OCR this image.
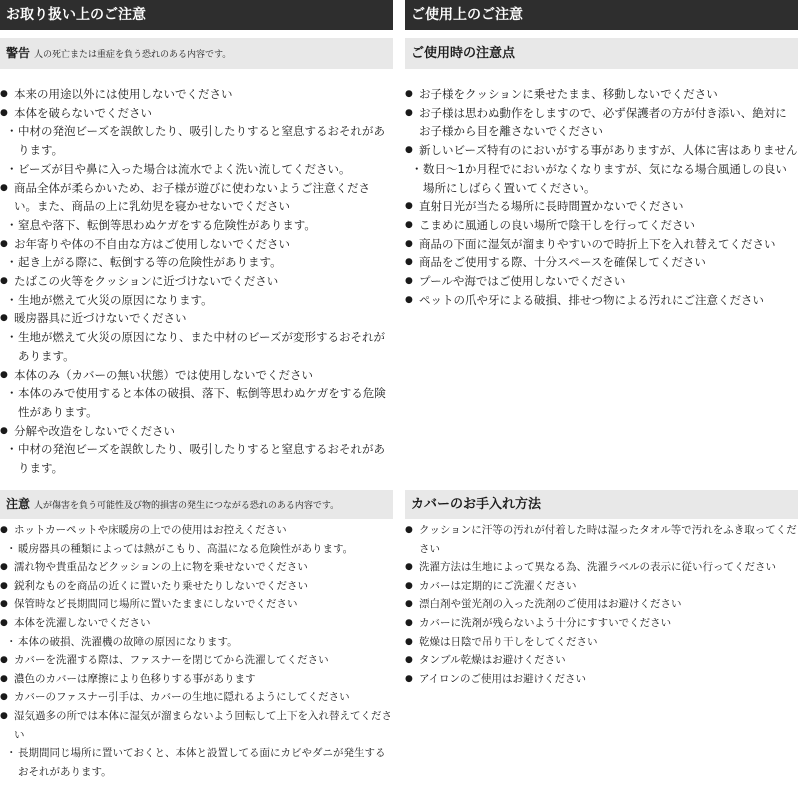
お取り扱い上のご注意
警告 人の死亡または重症を負う恐れのある内容です。
● 本来の用途以外には使用しないでください
● 本体を破らないでください
・ 中材の発泡ビーズを誤飲したり、吸引したりすると窒息するおそれがあります。
・ ビーズが目や鼻に入った場合は流水でよく洗い流してください。
● 商品全体が柔らかいため、お子様が遊びに使わないようご注意ください。また、商品の上に乳幼児を寝かせないでください
・ 窒息や落下、転倒等思わぬケガをする危険性があります。
● お年寄りや体の不自由な方はご使用しないでください
・ 起き上がる際に、転倒する等の危険性があります。
● たばこの火等をクッションに近づけないでください
・ 生地が燃えて火災の原因になります。
● 暖房器具に近づけないでください
・ 生地が燃えて火災の原因になり、また中材のビーズが変形するおそれがあります。
● 本体のみ（カバーの無い状態）では使用しないでください
・ 本体のみで使用すると本体の破損、落下、転倒等思わぬケガをする危険性があります。
● 分解や改造をしないでください
・ 中材の発泡ビーズを誤飲したり、吸引したりすると窒息するおそれがあります。
注意 人が傷害を負う可能性及び物的損害の発生につながる恐れのある内容です。
● ホットカーペットや床暖房の上での使用はお控えください
・ 暖房器具の種類によっては熱がこもり、高温になる危険性があります。
● 濡れ物や貴重品などクッションの上に物を乗せないでください
● 鋭利なものを商品の近くに置いたり乗せたりしないでください
● 保管時など長期間同じ場所に置いたままにしないでください
● 本体を洗濯しないでください
・ 本体の破損、洗濯機の故障の原因になります。
● カバーを洗濯する際は、ファスナーを閉じてから洗濯してください
● 濃色のカバーは摩擦により色移りする事があります
● カバーのファスナー引手は、カバーの生地に隠れるようにしてください
● 湿気過多の所では本体に湿気が溜まらないよう回転して上下を入れ替えてください
・ 長期間同じ場所に置いておくと、本体と設置してる面にカビやダニが発生するおそれがあります。
ご使用上のご注意
ご使用時の注意点
● お子様をクッションに乗せたまま、移動しないでください
● お子様は思わぬ動作をしますので、必ず保護者の方が付き添い、絶対にお子様から目を離さないでください
● 新しいビーズ特有のにおいがする事がありますが、人体に害はありません
・ 数日〜1か月程でにおいがなくなりますが、気になる場合風通しの良い場所にしばらく置いてください。
● 直射日光が当たる場所に長時間置かないでください
● こまめに風通しの良い場所で陰干しを行ってください
● 商品の下面に湿気が溜まりやすいので時折上下を入れ替えてください
● 商品をご使用する際、十分スペースを確保してください
● プールや海ではご使用しないでください
● ペットの爪や牙による破損、排せつ物による汚れにご注意ください
カバーのお手入れ方法
● クッションに汗等の汚れが付着した時は湿ったタオル等で汚れをふき取ってください
● 洗濯方法は生地によって異なる為、洗濯ラベルの表示に従い行ってください
● カバーは定期的にご洗濯ください
● 漂白剤や蛍光剤の入った洗剤のご使用はお避けください
● カバーに洗剤が残らないよう十分にすすいでください
● 乾燥は日陰で吊り干しをしてください
● タンブル乾燥はお避けください
● アイロンのご使用はお避けください
